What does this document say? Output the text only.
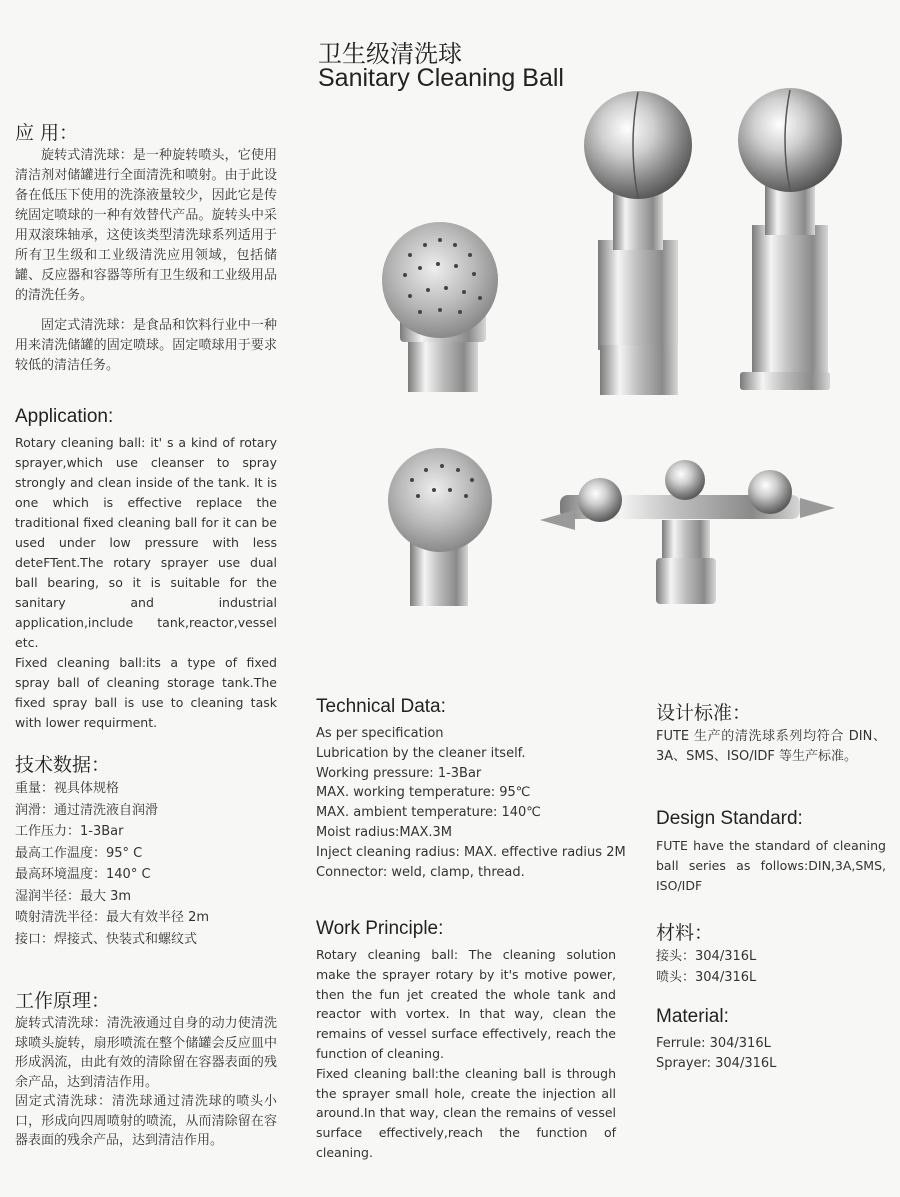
卫生级清洗球
Sanitary Cleaning Ball
应 用：

旋转式清洗球：是一种旋转喷头，它使用清洁剂对储罐进行全面清洗和喷射。由于此设备在低压下使用的洗涤液量较少，因此它是传统固定喷球的一种有效替代产品。旋转头中采用双滚珠轴承，这使该类型清洗球系列适用于所有卫生级和工业级清洗应用领域，包括储罐、反应器和容器等所有卫生级和工业级用品的清洗任务。

固定式清洗球：是食品和饮料行业中一种用来清洗储罐的固定喷球。固定喷球用于要求较低的清洁任务。

Application:

Rotary cleaning ball: it' s a kind of rotary sprayer,which use cleanser to spray strongly and clean inside of the tank. It is one which is effective replace the traditional fixed cleaning ball for it can be used under low pressure with less deteFTent.The rotary sprayer use dual ball bearing, so it is suitable for the sanitary and industrial application,include tank,reactor,vessel etc.

Fixed cleaning ball:its a type of fixed spray ball of cleaning storage tank.The fixed spray ball is use to cleaning task with lower requirment.

技术数据：
重量：视具体规格
润滑：通过清洗液自润滑
工作压力：1-3Bar
最高工作温度：95° C
最高环境温度：140° C
湿润半径：最大 3m
喷射清洗半径：最大有效半径 2m
接口：焊接式、快装式和螺纹式
工作原理：

旋转式清洗球：清洗液通过自身的动力使清洗球喷头旋转，扇形喷流在整个储罐会反应皿中形成涡流，由此有效的清除留在容器表面的残余产品，达到清洁作用。

固定式清洗球：清洗球通过清洗球的喷头小口，形成向四周喷射的喷流，从而清除留在容器表面的残余产品，达到清洁作用。

Technical Data:
As per specification
Lubrication by the cleaner itself.
Working pressure: 1-3Bar
MAX. working temperature: 95℃
MAX. ambient temperature: 140℃
Moist radius:MAX.3M
Inject cleaning radius: MAX. effective radius 2M
Connector: weld, clamp, thread.
Work Principle:

Rotary cleaning ball: The cleaning solution make the sprayer rotary by it's motive power, then the fun jet created the whole tank and reactor with vortex. In that way, clean the remains of vessel surface effectively, reach the function of cleaning.

Fixed cleaning ball:the cleaning ball is through the sprayer small hole, create the injection all around.In that way, clean the remains of vessel surface effectively,reach the function of cleaning.

设计标准：
FUTE 生产的清洗球系列均符合 DIN、3A、SMS、ISO/IDF 等生产标准。
Design Standard:
FUTE have the standard of cleaning ball series as follows:DIN,3A,SMS, ISO/IDF
材料：
接头：304/316L
喷头：304/316L
Material:
Ferrule: 304/316L
Sprayer: 304/316L
